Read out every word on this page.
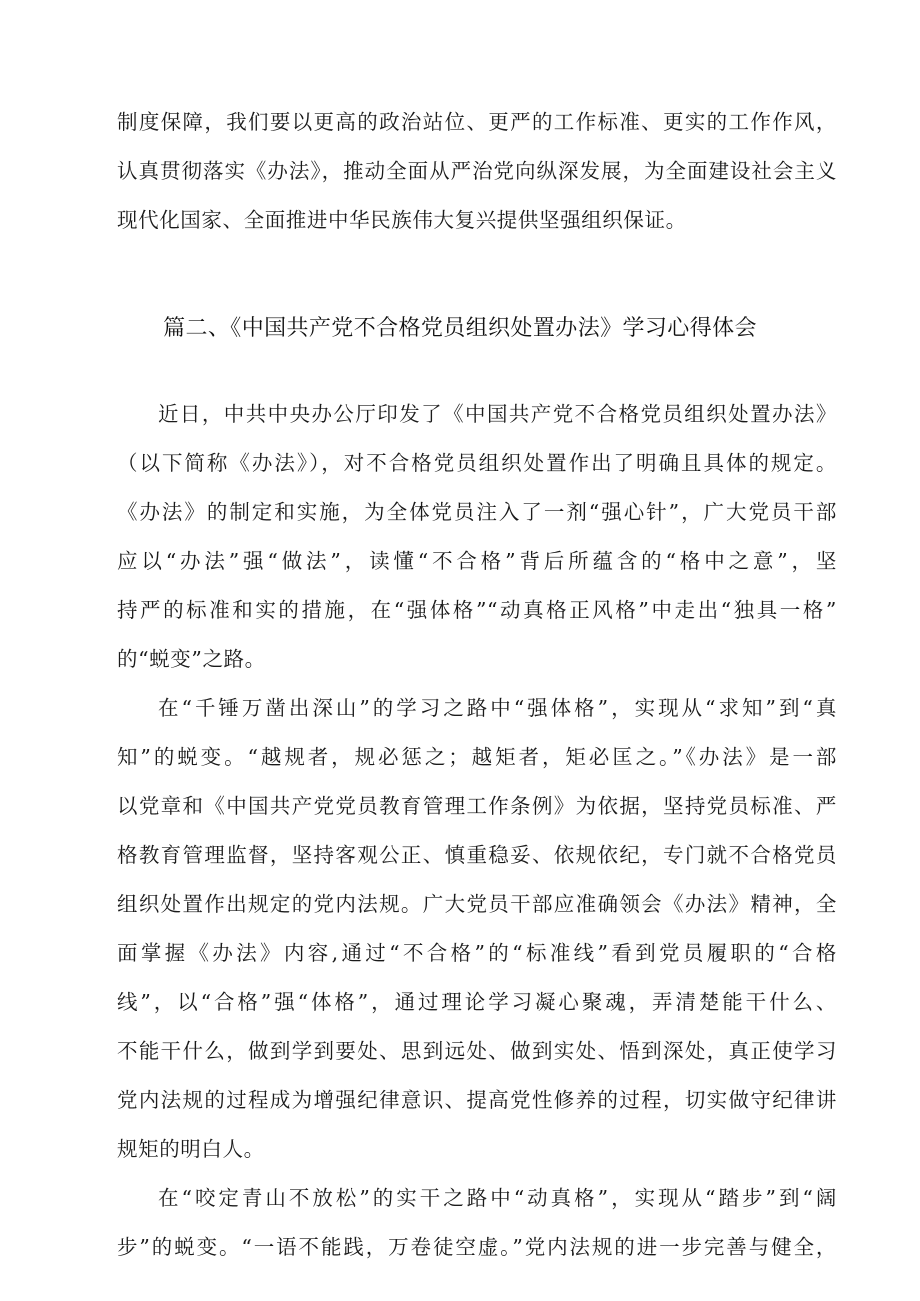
制度保障，我们要以更高的政治站位、更严的工作标准、更实的工作作风，
认真贯彻落实《办法》，推动全面从严治党向纵深发展，为全面建设社会主义
现代化国家、全面推进中华民族伟大复兴提供坚强组织保证。
篇二、《中国共产党不合格党员组织处置办法》学习心得体会
近日，中共中央办公厅印发了《中国共产党不合格党员组织处置办法》
（以下简称《办法》），对不合格党员组织处置作出了明确且具体的规定。
《办法》的制定和实施，为全体党员注入了一剂“强心针”，广大党员干部
应以“办法”强“做法”，读懂“不合格”背后所蕴含的“格中之意”，坚
持严的标准和实的措施，在“强体格”“动真格正风格”中走出“独具一格”
的“蜕变”之路。
在“千锤万凿出深山”的学习之路中“强体格”，实现从“求知”到“真
知”的蜕变。“越规者，规必惩之；越矩者，矩必匡之。”《办法》是一部
以党章和《中国共产党党员教育管理工作条例》为依据，坚持党员标准、严
格教育管理监督，坚持客观公正、慎重稳妥、依规依纪，专门就不合格党员
组织处置作出规定的党内法规。广大党员干部应准确领会《办法》精神，全
面掌握《办法》内容,通过“不合格”的“标准线”看到党员履职的“合格
线”，以“合格”强“体格”，通过理论学习凝心聚魂，弄清楚能干什么、
不能干什么，做到学到要处、思到远处、做到实处、悟到深处，真正使学习
党内法规的过程成为增强纪律意识、提高党性修养的过程，切实做守纪律讲
规矩的明白人。
在“咬定青山不放松”的实干之路中“动真格”，实现从“踏步”到“阔
步”的蜕变。“一语不能践，万卷徒空虚。”党内法规的进一步完善与健全，
